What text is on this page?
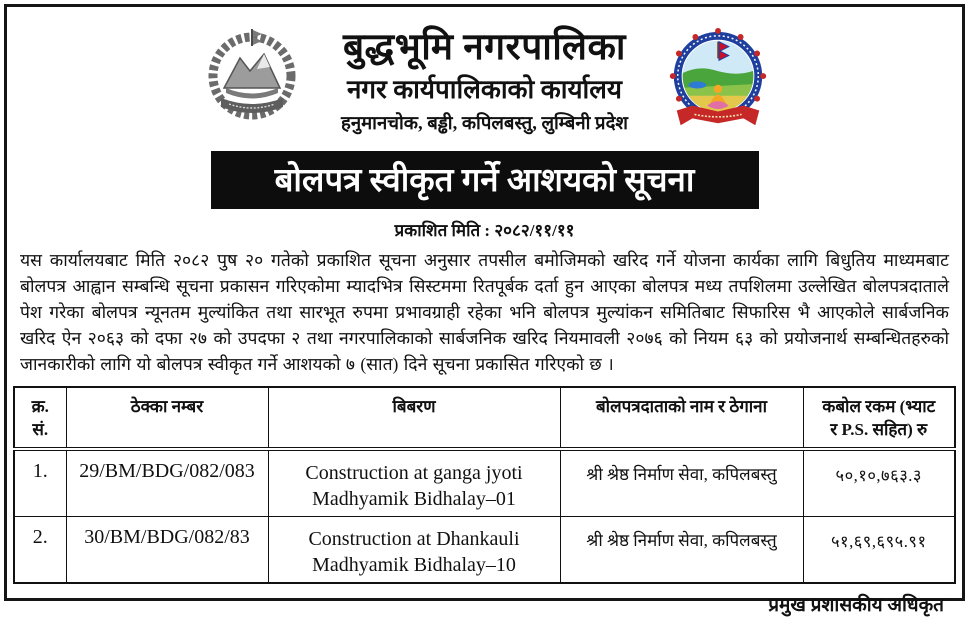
बुद्धभूमि नगरपालिका
नगर कार्यपालिकाको कार्यालय
हनुमानचोक, बड्ढी, कपिलबस्तु, लुम्बिनी प्रदेश
बोलपत्र स्वीकृत गर्ने आशयको सूचना
प्रकाशित मिति : २०८२/११/११
यस कार्यालयबाट मिति २०८२ पुष २० गतेको प्रकाशित सूचना अनुसार तपसील बमोजिमको खरिद गर्ने योजना कार्यका लागि बिधुतिय माध्यमबाट बोलपत्र आह्वान सम्बन्धि सूचना प्रकासन गरिएकोमा म्यादभित्र सिस्टममा रितपूर्बक दर्ता हुन आएका बोलपत्र मध्य तपशिलमा उल्लेखित बोलपत्रदाताले पेश गरेका बोलपत्र न्यूनतम मुल्यांकित तथा सारभूत रुपमा प्रभावग्राही रहेका भनि बोलपत्र मुल्यांकन समितिबाट सिफारिस भै आएकोले सार्बजनिक खरिद ऐन २०६३ को दफा २७ को उपदफा २ तथा नगरपालिकाको सार्बजनिक खरिद नियमावली २०७६ को नियम ६३ को प्रयोजनार्थ सम्बन्धितहरुको जानकारीको लागि यो बोलपत्र स्वीकृत गर्ने आशयको ७ (सात) दिने सूचना प्रकासित गरिएको छ ।
क्र.
सं.
	ठेक्का नम्बर	बिबरण	बोलपत्रदाताको नाम र ठेगाना	कबोल रकम (भ्याट
र P.S. सहित) रु

1.	29/BM/BDG/082/083	Construction at ganga jyoti
Madhyamik Bidhalay–01	श्री श्रेष्ठ निर्माण सेवा, कपिलबस्तु	५०,१०,७६३.३
2.	30/BM/BDG/082/83	Construction at Dhankauli
Madhyamik Bidhalay–10	श्री श्रेष्ठ निर्माण सेवा, कपिलबस्तु	५१,६९,६९५.९१
प्रमुख प्रशासकीय अधिकृत
